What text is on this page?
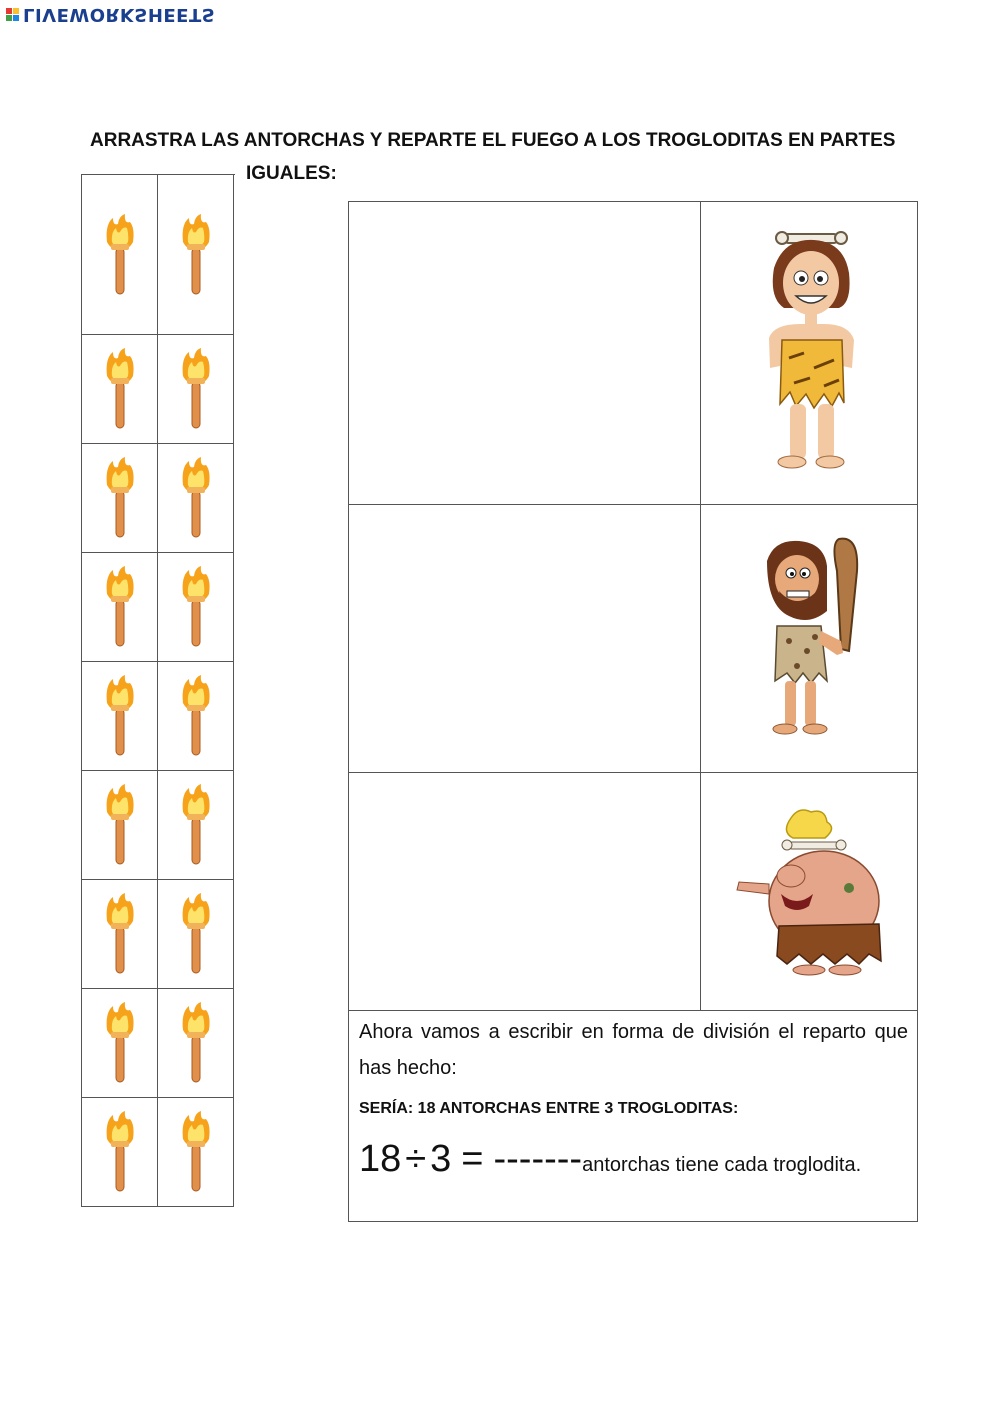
LIVEWORKSHEETS
ARRASTRA LAS ANTORCHAS Y REPARTE EL FUEGO A LOS TROGLODITAS EN PARTES
IGUALES:

Ahora vamos a escribir en forma de división el reparto que has hecho:

SERÍA: 18 ANTORCHAS ENTRE 3 TROGLODITAS:

18 ÷ 3 = ------- antorchas tiene cada troglodita.
